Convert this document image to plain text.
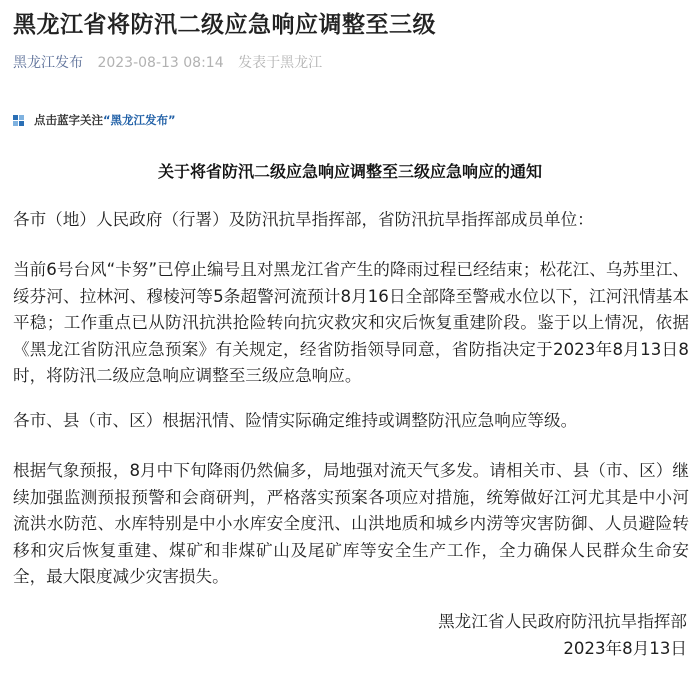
黑龙江省将防汛二级应急响应调整至三级
黑龙江发布 2023-08-13 08:14 发表于黑龙江
点击蓝字关注 “黑龙江发布”
关于将省防汛二级应急响应调整至三级应急响应的通知

各市（地）人民政府（行署）及防汛抗旱指挥部，省防汛抗旱指挥部成员单位：

当前6号台风“卡努”已停止编号且对黑龙江省产生的降雨过程已经结束；松花江、乌苏里江、绥芬河、拉林河、穆棱河等5条超警河流预计8月16日全部降至警戒水位以下，江河汛情基本平稳；工作重点已从防汛抗洪抢险转向抗灾救灾和灾后恢复重建阶段。鉴于以上情况，依据《黑龙江省防汛应急预案》有关规定，经省防指领导同意，省防指决定于2023年8月13日8时，将防汛二级应急响应调整至三级应急响应。

各市、县（市、区）根据汛情、险情实际确定维持或调整防汛应急响应等级。

根据气象预报，8月中下旬降雨仍然偏多，局地强对流天气多发。请相关市、县（市、区）继续加强监测预报预警和会商研判，严格落实预案各项应对措施，统筹做好江河尤其是中小河流洪水防范、水库特别是中小水库安全度汛、山洪地质和城乡内涝等灾害防御、人员避险转移和灾后恢复重建、煤矿和非煤矿山及尾矿库等安全生产工作，全力确保人民群众生命安全，最大限度减少灾害损失。

黑龙江省人民政府防汛抗旱指挥部
2023年8月13日
